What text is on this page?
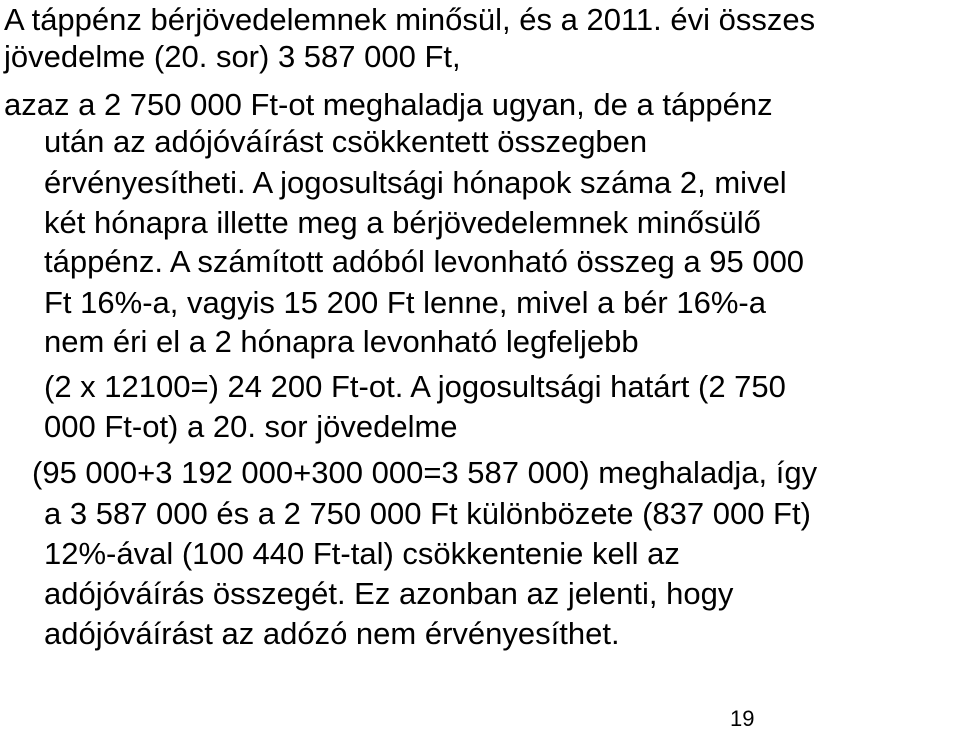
A táppénz bérjövedelemnek minősül, és a 2011. évi összes
jövedelme (20. sor) 3 587 000 Ft,
azaz a 2 750 000 Ft-ot meghaladja ugyan, de a táppénz
után az adójóváírást csökkentett összegben
érvényesítheti. A jogosultsági hónapok száma 2, mivel
két hónapra illette meg a bérjövedelemnek minősülő
táppénz. A számított adóból levonható összeg a 95 000
Ft 16%-a, vagyis 15 200 Ft lenne, mivel a bér 16%-a
nem éri el a 2 hónapra levonható legfeljebb
(2 x 12100=) 24 200 Ft-ot. A jogosultsági határt (2 750
000 Ft-ot) a 20. sor jövedelme
(95 000+3 192 000+300 000=3 587 000) meghaladja, így
a 3 587 000 és a 2 750 000 Ft különbözete (837 000 Ft)
12%-ával (100 440 Ft-tal) csökkentenie kell az
adójóváírás összegét. Ez azonban az jelenti, hogy
adójóváírást az adózó nem érvényesíthet.
19
